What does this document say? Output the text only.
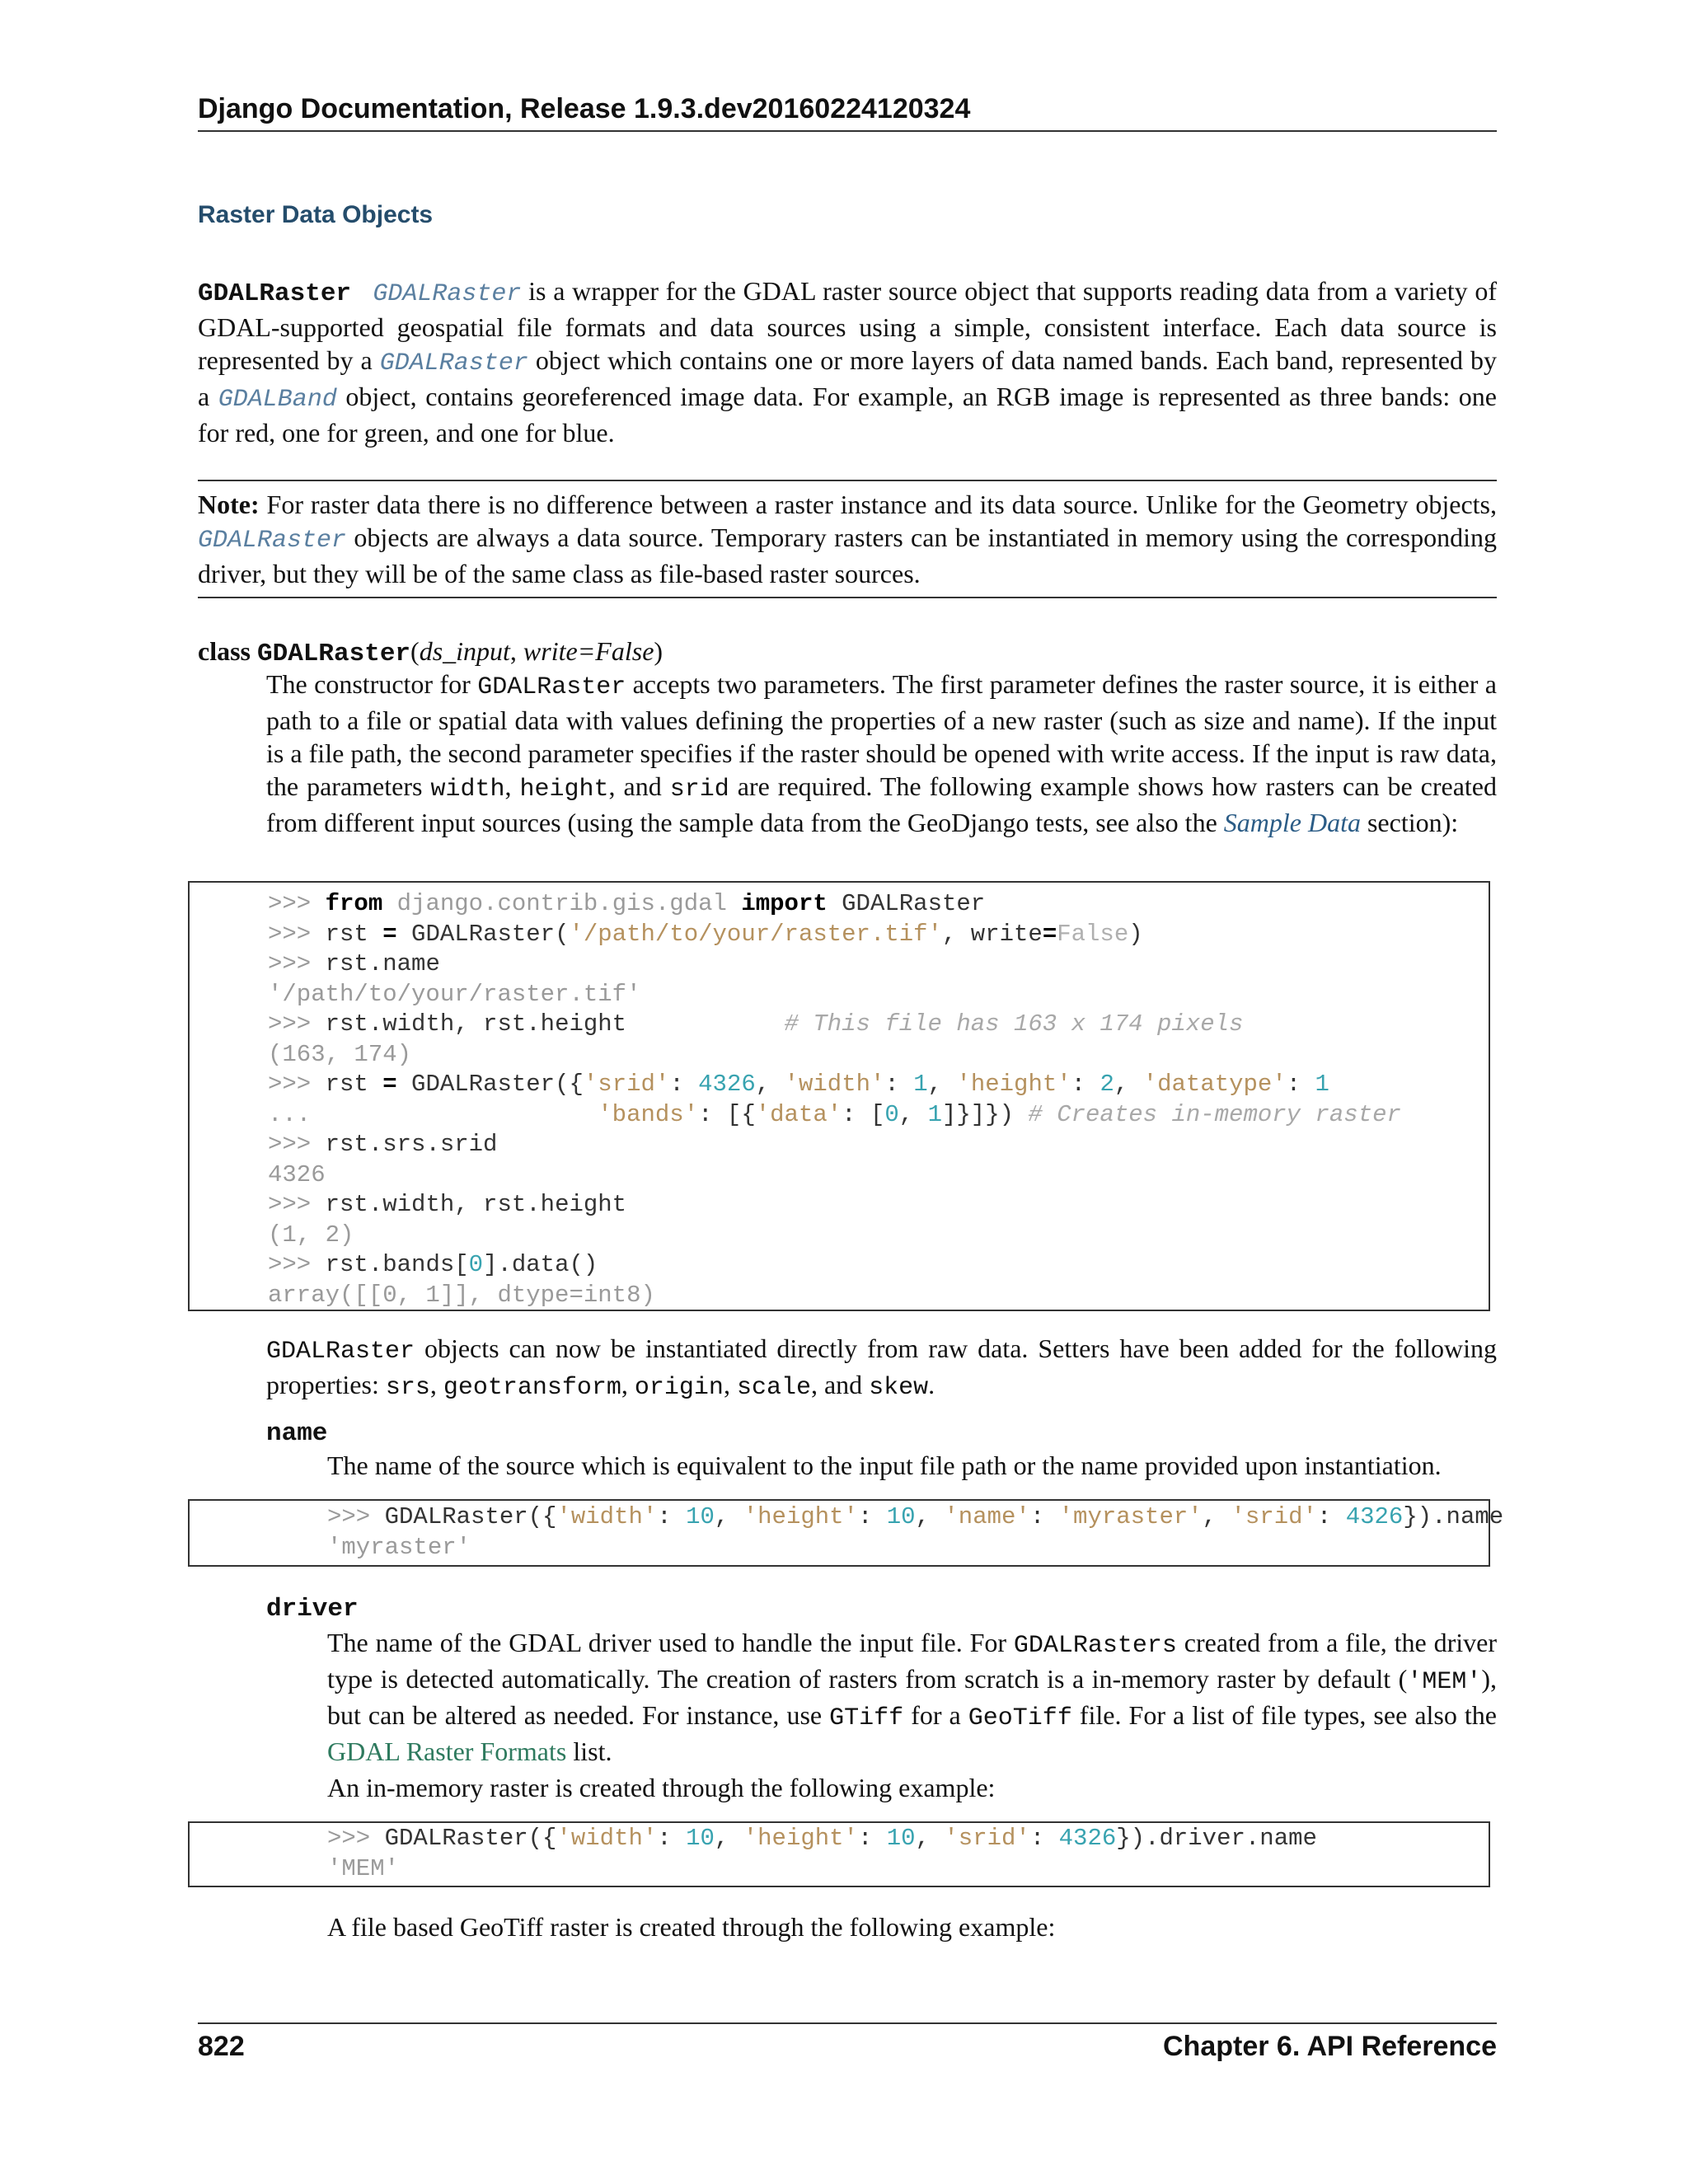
Django Documentation, Release 1.9.3.dev20160224120324
Raster Data Objects
GDALRaster GDALRaster is a wrapper for the GDAL raster source object that supports reading data from a variety of GDAL-supported geospatial file formats and data sources using a simple, consistent interface. Each data source is represented by a GDALRaster object which contains one or more layers of data named bands. Each band, represented by a GDALBand object, contains georeferenced image data. For example, an RGB image is represented as three bands: one for red, one for green, and one for blue.
Note: For raster data there is no difference between a raster instance and its data source. Unlike for the Geometry objects, GDALRaster objects are always a data source. Temporary rasters can be instantiated in memory using the corresponding driver, but they will be of the same class as file-based raster sources.
class GDALRaster(ds_input, write=False)
The constructor for GDALRaster accepts two parameters. The first parameter defines the raster source, it is either a path to a file or spatial data with values defining the properties of a new raster (such as size and name). If the input is a file path, the second parameter specifies if the raster should be opened with write access. If the input is raw data, the parameters width, height, and srid are required. The following example shows how rasters can be created from different input sources (using the sample data from the GeoDjango tests, see also the Sample Data section):
>>> from django.contrib.gis.gdal import GDALRaster
>>> rst = GDALRaster('/path/to/your/raster.tif', write=False)
>>> rst.name
'/path/to/your/raster.tif'
>>> rst.width, rst.height           # This file has 163 x 174 pixels
(163, 174)
>>> rst = GDALRaster({'srid': 4326, 'width': 1, 'height': 2, 'datatype': 1
...	'bands': [{'data': [0, 1]}]}) # Creates in-memory raster
>>> rst.srs.srid
4326
>>> rst.width, rst.height
(1, 2)
>>> rst.bands[0].data()
array([[0, 1]], dtype=int8)
GDALRaster objects can now be instantiated directly from raw data. Setters have been added for the following properties: srs, geotransform, origin, scale, and skew.
name
The name of the source which is equivalent to the input file path or the name provided upon instantiation.
>>> GDALRaster({'width': 10, 'height': 10, 'name': 'myraster', 'srid': 4326}).name
'myraster'
driver
The name of the GDAL driver used to handle the input file. For GDALRasters created from a file, the driver type is detected automatically. The creation of rasters from scratch is a in-memory raster by default ('MEM'), but can be altered as needed. For instance, use GTiff for a GeoTiff file. For a list of file types, see also the GDAL Raster Formats list.
An in-memory raster is created through the following example:
>>> GDALRaster({'width': 10, 'height': 10, 'srid': 4326}).driver.name
'MEM'
A file based GeoTiff raster is created through the following example:
822	Chapter 6. API Reference
